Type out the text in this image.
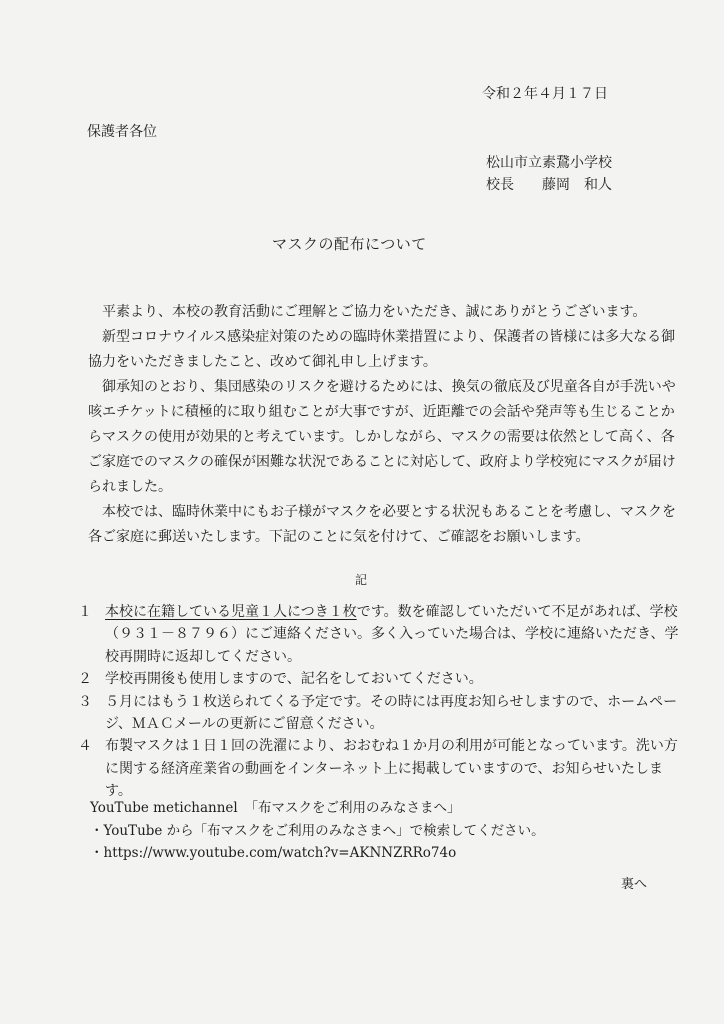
令和２年４月１７日
保護者各位
松山市立素鵞小学校
校長　　藤岡　和人
マスクの配布について

平素より、本校の教育活動にご理解とご協力をいただき、誠にありがとうございます。

新型コロナウイルス感染症対策のための臨時休業措置により、保護者の皆様には多大なる御協力をいただきましたこと、改めて御礼申し上げます。

御承知のとおり、集団感染のリスクを避けるためには、換気の徹底及び児童各自が手洗いや咳エチケットに積極的に取り組むことが大事ですが、近距離での会話や発声等も生じることからマスクの使用が効果的と考えています。しかしながら、マスクの需要は依然として高く、各ご家庭でのマスクの確保が困難な状況であることに対応して、政府より学校宛にマスクが届けられました。

本校では、臨時休業中にもお子様がマスクを必要とする状況もあることを考慮し、マスクを各ご家庭に郵送いたします。下記のことに気を付けて、ご確認をお願いします。

記
１ 本校に在籍している児童１人につき１枚です。数を確認していただいて不足があれば、学校（９３１－８７９６）にご連絡ください。多く入っていた場合は、学校に連絡いただき、学校再開時に返却してください。
２ 学校再開後も使用しますので、記名をしておいてください。
３ ５月にはもう１枚送られてくる予定です。その時には再度お知らせしますので、ホームページ、ＭＡＣメールの更新にご留意ください。
４ 布製マスクは１日１回の洗濯により、おおむね１か月の利用が可能となっています。洗い方に関する経済産業省の動画をインターネット上に掲載していますので、お知らせいたします。
YouTube metichannel　「布マスクをご利用のみなさまへ」
・YouTube から「布マスクをご利用のみなさまへ」で検索してください。
・https://www.youtube.com/watch?v=AKNNZRRo74o
裏へ
